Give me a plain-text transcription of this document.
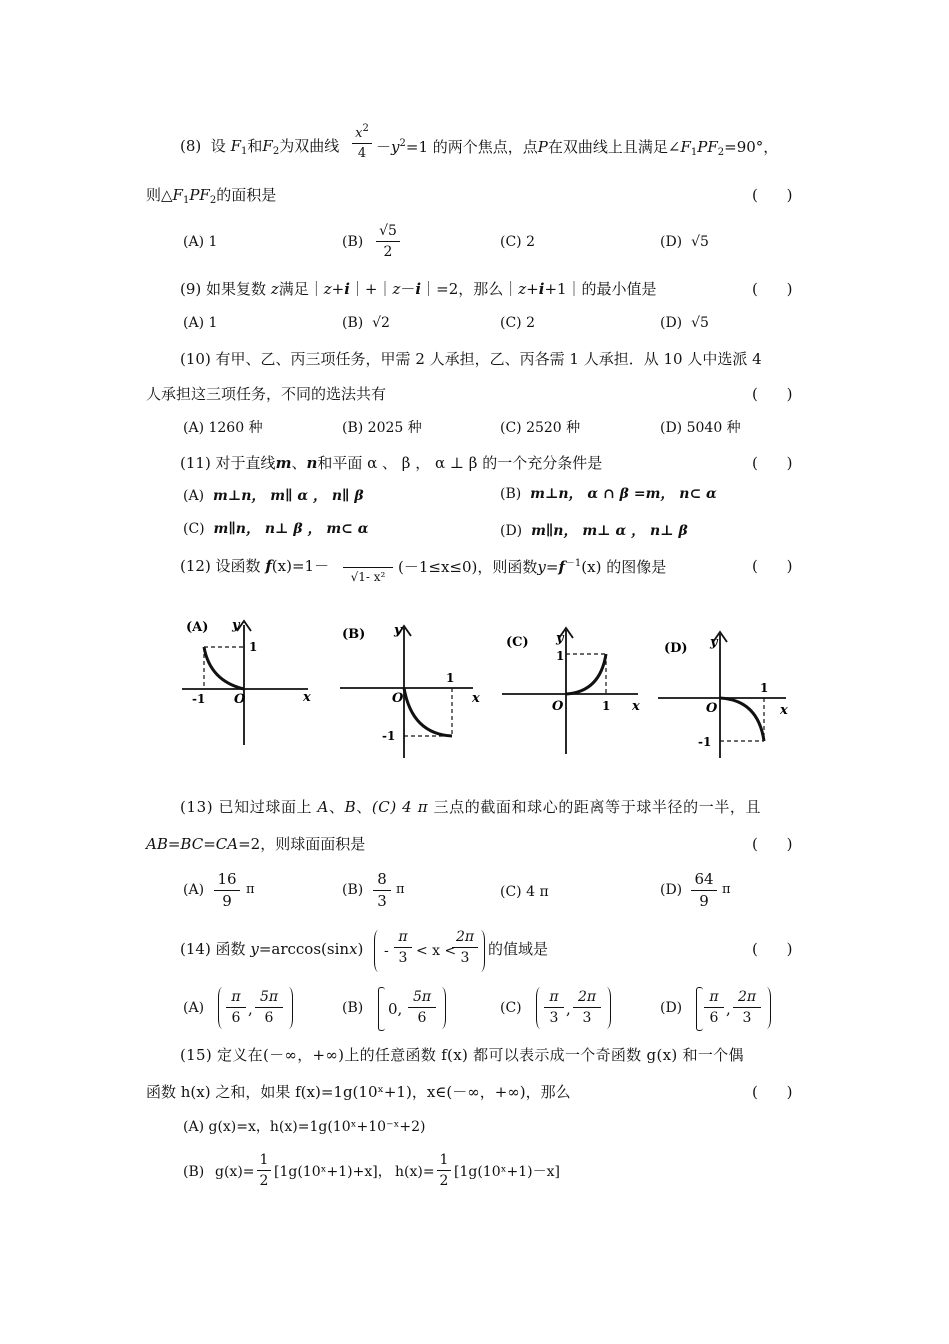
(8) 设 $F_1$和$F_2$为双曲线
$x^2$
$4 -y^2=1$ 的两个焦点，点P在双曲线上且满足$\angle F_1PF_2=90^\circ$，
则$\triangle F_1PF_2$的面积是	( )
(A) 1	(B)
√5
2
(C) 2	(D) √5
(9) 如果复数 z满足｜z+i｜+｜z－i｜=2，那么｜z+i+1｜的最小值是	( )
(A) 1	(B) √2	(C) 2	(D) √5
(10) 有甲、乙、丙三项任务，甲需 2 人承担，乙、丙各需 1 人承担．从 10 人中选派 4
人承担这三项任务，不同的选法共有	( )
(A) 1260 种	(B) 2025 种	(C) 2520 种	(D) 5040 种
(11) 对于直线m、n和平面 α 、 β ， α ⊥ β 的一个充分条件是	( )
(A) m⊥n， m∥ α ， n∥ β	(B) m⊥n， α ∩ β =m， n⊂ α
(C) m∥n， n⊥ β ， m⊂ α	(D) m∥n， m⊥ α ， n⊥ β
(12) 设函数 f(x)=1－

√1- x²
(－1≤x≤0)，则函数$y=f^{-1}(x)$ 的图像是	( )
(A) y
x
O
1
-1
(B) y
x
O
1
-1
(C) y
x
O
1
1
(D) y
x
O
1
-1
(13) 已知过球面上 A、B、(C) 4 π 三点的截面和球心的距离等于球半径的一半，且
AB=BC=CA=2，则球面面积是	( )
(A)
16
9
π	(B)
8
3
π	(C) 4 π	(D)
64
9
π
(14) 函数 y=arccos(sinx) -
π
3 < x <
2π
3	的值域是	( )
(A)
π
6 ,
5π
6
(B) 0,
5π
6
(C)
π
3 ,
2π
3
(D)
π
6 ,
2π
3
(15) 定义在(－∞，+∞)上的任意函数 f(x) 都可以表示成一个奇函数 g(x) 和一个偶
函数 h(x) 之和，如果 f(x)=1g(10ˣ+1)，x∈(－∞，+∞)，那么	( )
(A) g(x)=x，h(x)=1g(10ˣ+10⁻ˣ+2)
(B) g(x)=
1
2
[1g(10ˣ+1)+x]， h(x)=
1
2
[1g(10ˣ+1)－x]
